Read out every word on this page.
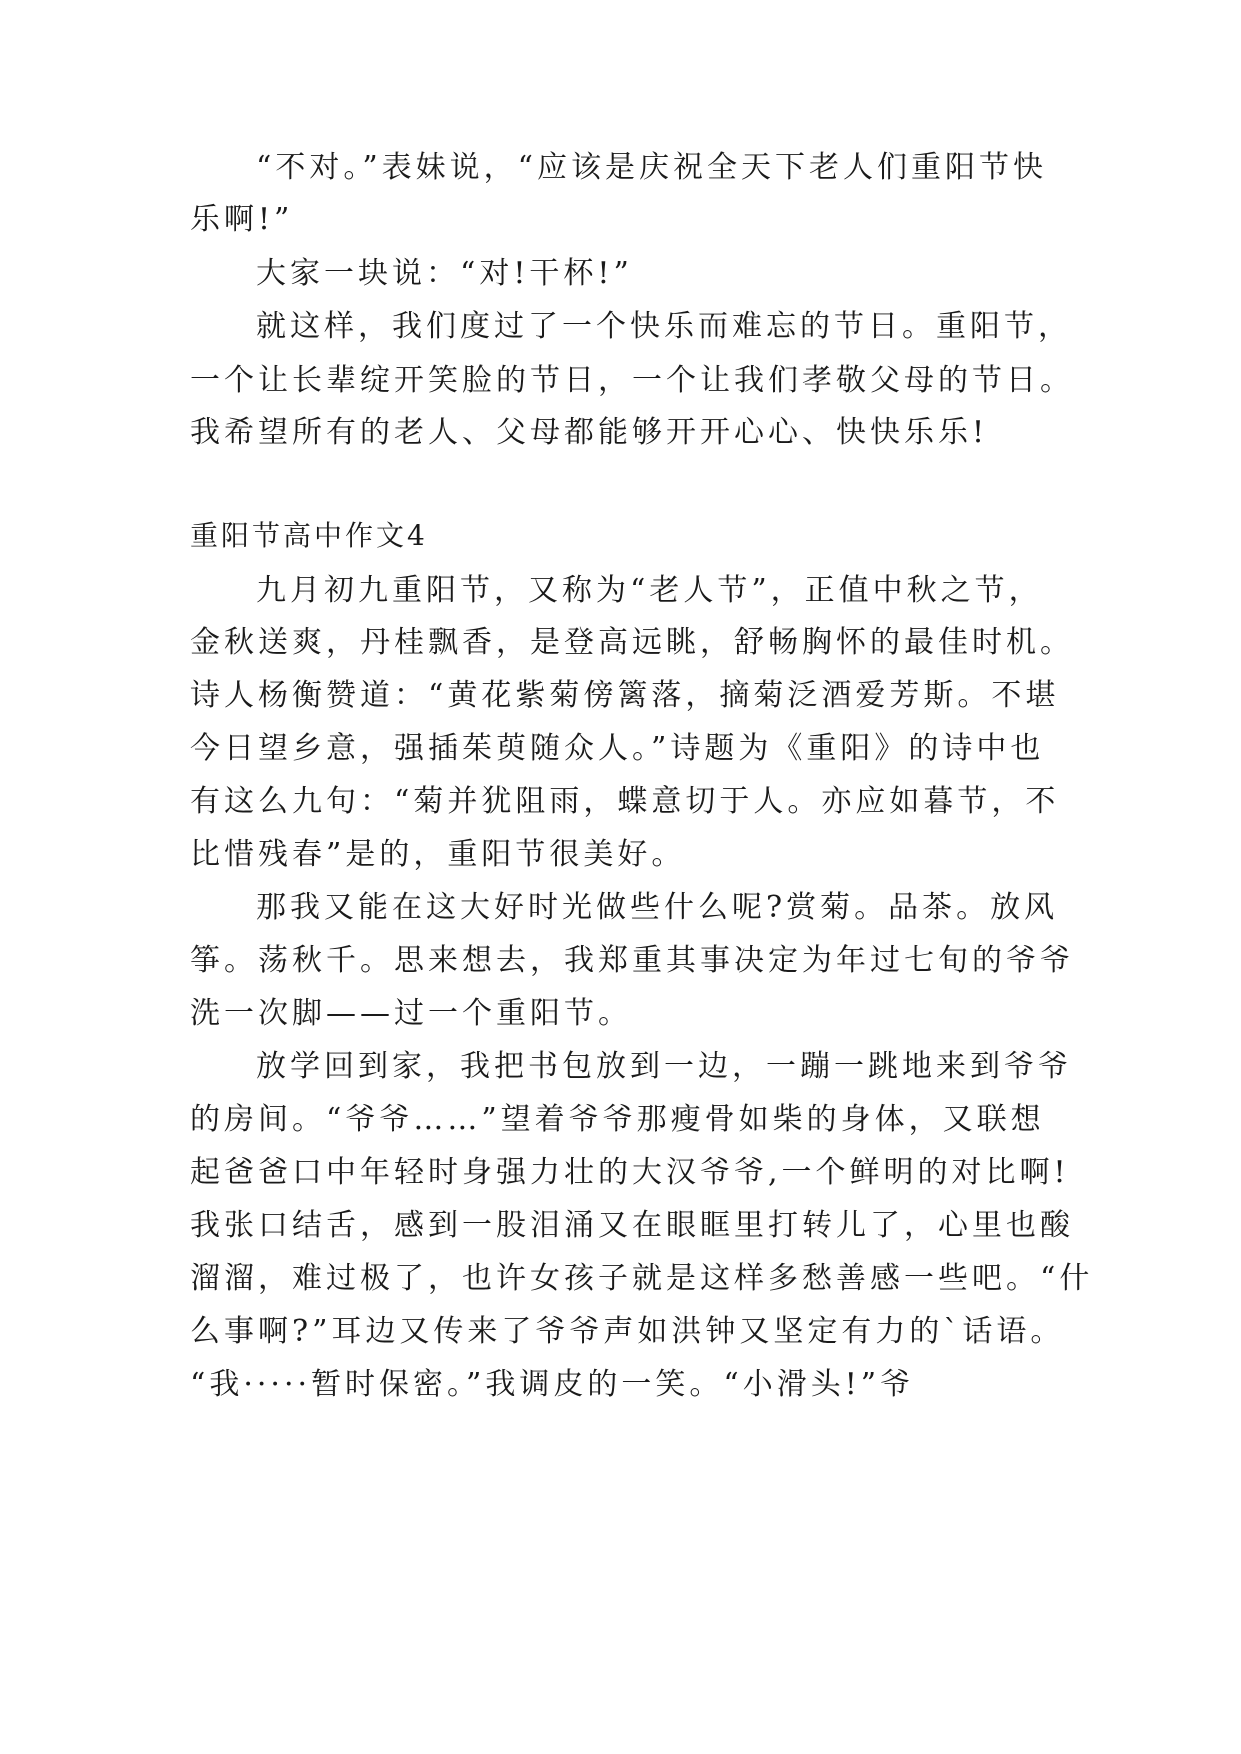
“不对。”表妹说，“应该是庆祝全天下老人们重阳节快
乐啊!”
大家一块说：“对!干杯!”
就这样，我们度过了一个快乐而难忘的节日。重阳节，
一个让长辈绽开笑脸的节日，一个让我们孝敬父母的节日。
我希望所有的老人、父母都能够开开心心、快快乐乐!
重阳节高中作文4
九月初九重阳节，又称为“老人节”，正值中秋之节，
金秋送爽，丹桂飘香，是登高远眺，舒畅胸怀的最佳时机。
诗人杨衡赞道：“黄花紫菊傍篱落，摘菊泛酒爱芳斯。不堪
今日望乡意，强插茱萸随众人。”诗题为《重阳》的诗中也
有这么九句：“菊并犹阻雨，蝶意切于人。亦应如暮节，不
比惜残春”是的，重阳节很美好。
那我又能在这大好时光做些什么呢?赏菊。品茶。放风
筝。荡秋千。思来想去，我郑重其事决定为年过七旬的爷爷
洗一次脚——过一个重阳节。
放学回到家，我把书包放到一边，一蹦一跳地来到爷爷
的房间。“爷爷……”望着爷爷那瘦骨如柴的身体，又联想
起爸爸口中年轻时身强力壮的大汉爷爷,一个鲜明的对比啊!
我张口结舌，感到一股泪涌又在眼眶里打转儿了，心里也酸
溜溜，难过极了，也许女孩子就是这样多愁善感一些吧。“什
么事啊?”耳边又传来了爷爷声如洪钟又坚定有力的`话语。
“我·····暂时保密。”我调皮的一笑。“小滑头!”爷
